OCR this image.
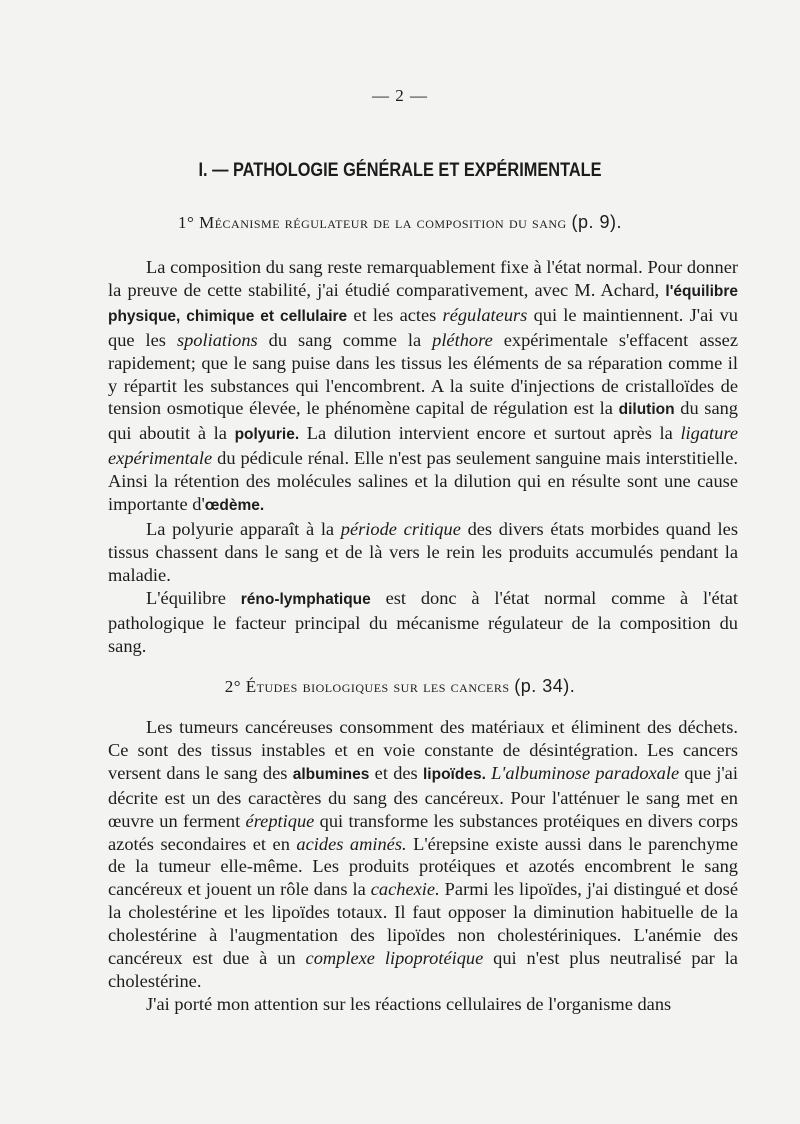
— 2 —
I. — PATHOLOGIE GÉNÉRALE ET EXPÉRIMENTALE
1° Mécanisme régulateur de la composition du sang (p. 9).

La composition du sang reste remarquablement fixe à l'état normal. Pour donner la preuve de cette stabilité, j'ai étudié comparativement, avec M. Achard, l'équilibre physique, chimique et cellulaire et les actes régulateurs qui le maintiennent. J'ai vu que les spoliations du sang comme la pléthore expérimentale s'effacent assez rapidement; que le sang puise dans les tissus les éléments de sa réparation comme il y répartit les substances qui l'encombrent. A la suite d'injections de cristalloïdes de tension osmotique élevée, le phénomène capital de régulation est la dilution du sang qui aboutit à la polyurie. La dilution intervient encore et surtout après la ligature expérimentale du pédicule rénal. Elle n'est pas seulement sanguine mais interstitielle. Ainsi la rétention des molécules salines et la dilution qui en résulte sont une cause importante d'œdème.

La polyurie apparaît à la période critique des divers états morbides quand les tissus chassent dans le sang et de là vers le rein les produits accumulés pendant la maladie.

L'équilibre réno-lymphatique est donc à l'état normal comme à l'état pathologique le facteur principal du mécanisme régulateur de la composition du sang.

2° Études biologiques sur les cancers (p. 34).

Les tumeurs cancéreuses consomment des matériaux et éliminent des déchets. Ce sont des tissus instables et en voie constante de désintégration. Les cancers versent dans le sang des albumines et des lipoïdes. L'albuminose paradoxale que j'ai décrite est un des caractères du sang des cancéreux. Pour l'atténuer le sang met en œuvre un ferment éreptique qui transforme les substances protéiques en divers corps azotés secondaires et en acides aminés. L'érepsine existe aussi dans le parenchyme de la tumeur elle-même. Les produits protéiques et azotés encombrent le sang cancéreux et jouent un rôle dans la cachexie. Parmi les lipoïdes, j'ai distingué et dosé la cholestérine et les lipoïdes totaux. Il faut opposer la diminution habituelle de la cholestérine à l'augmentation des lipoïdes non cholestériniques. L'anémie des cancéreux est due à un complexe lipoprotéique qui n'est plus neutralisé par la cholestérine.

J'ai porté mon attention sur les réactions cellulaires de l'organisme dans
